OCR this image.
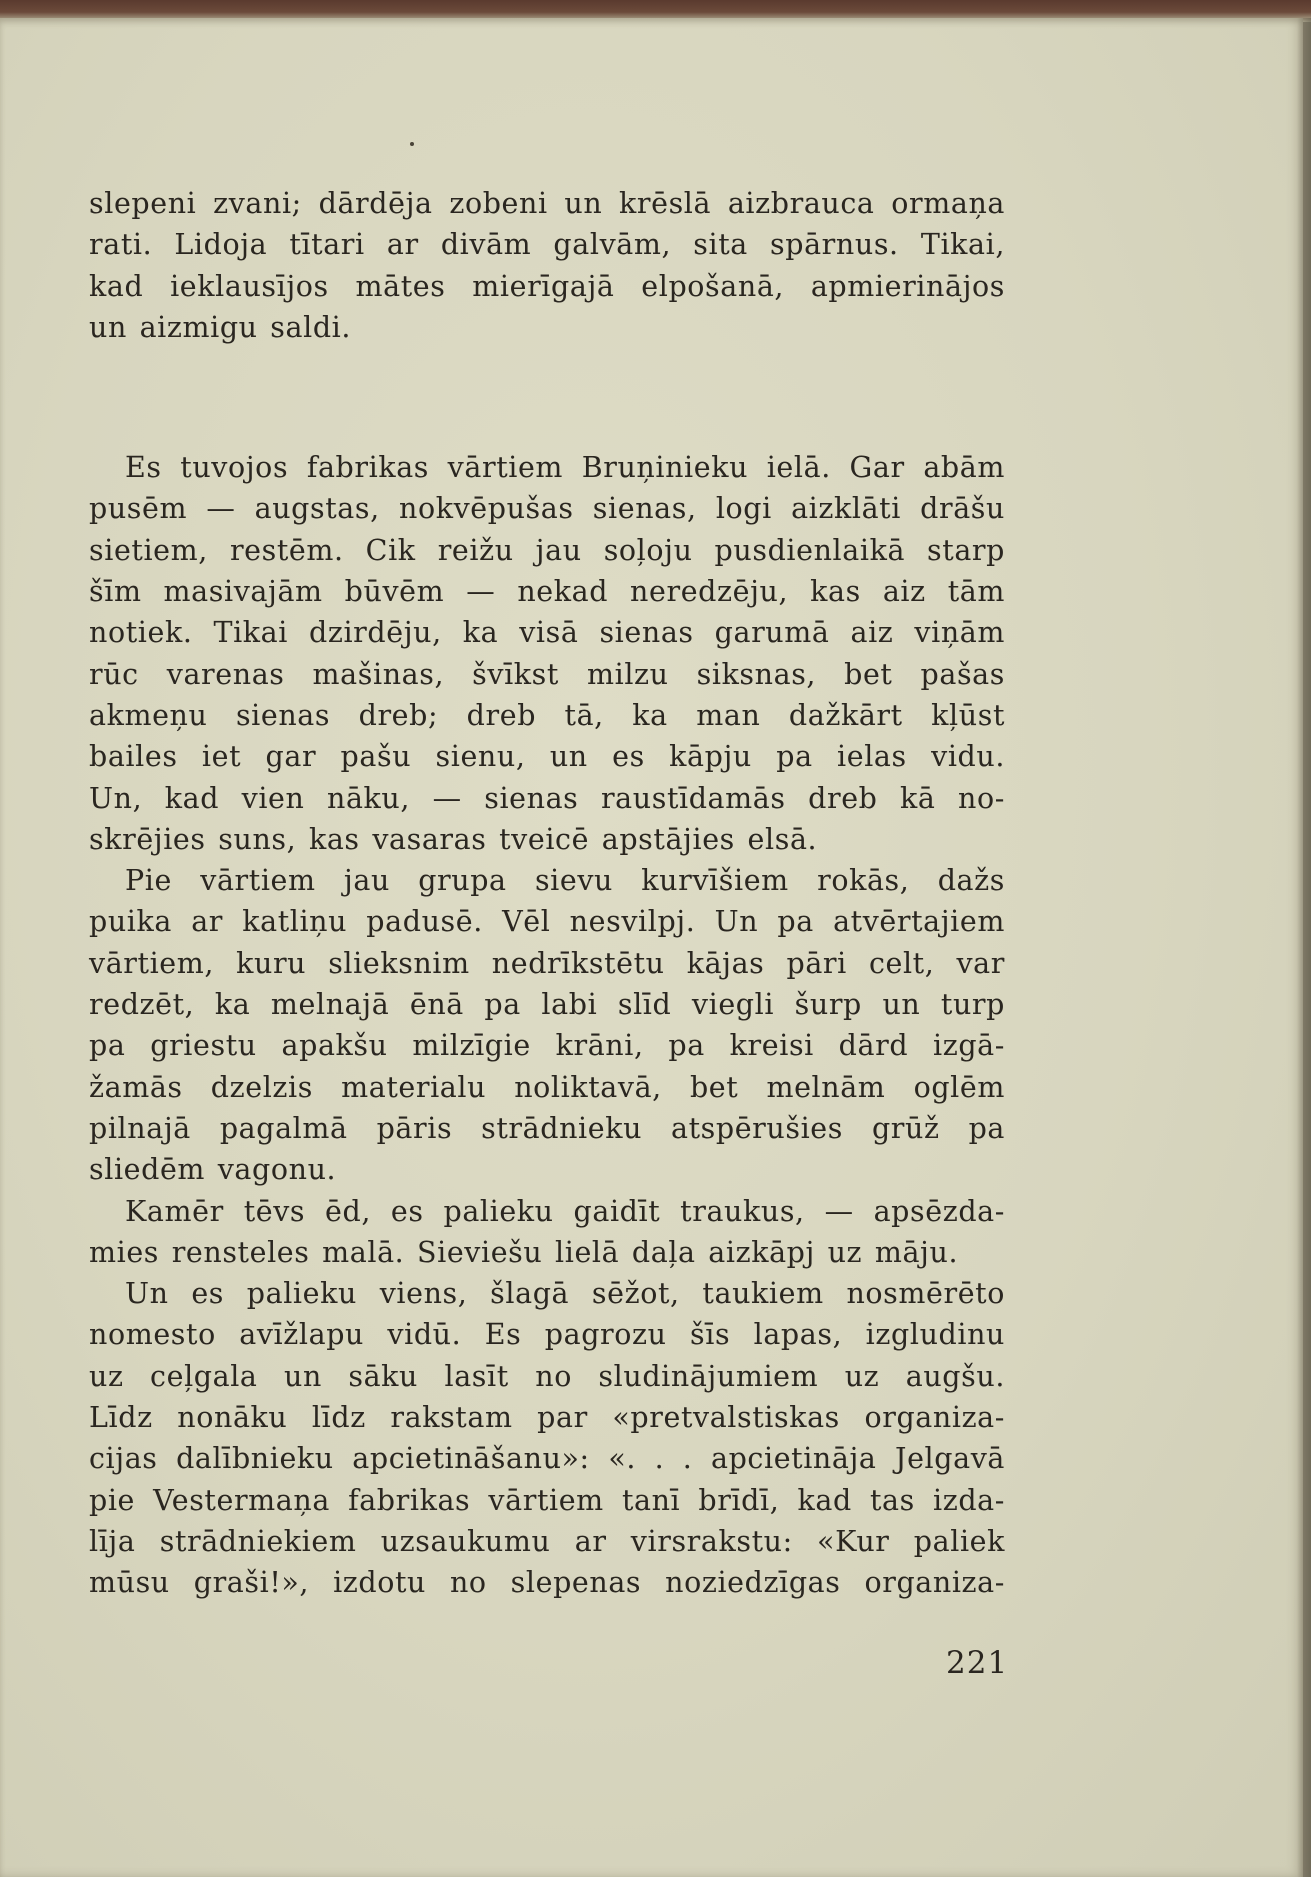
slepeni zvani; dārdēja zobeni un krēslā aizbrauca ormaņa
rati. Lidoja tītari ar divām galvām, sita spārnus. Tikai,
kad ieklausījos mātes mierīgajā elpošanā, apmierinājos
un aizmigu saldi.
Es tuvojos fabrikas vārtiem Bruņinieku ielā. Gar abām
pusēm — augstas, nokvēpušas sienas, logi aizklāti drāšu
sietiem, restēm. Cik reižu jau soļoju pusdienlaikā starp
šīm masivajām būvēm — nekad neredzēju, kas aiz tām
notiek. Tikai dzirdēju, ka visā sienas garumā aiz viņām
rūc varenas mašinas, švīkst milzu siksnas, bet pašas
akmeņu sienas dreb; dreb tā, ka man dažkārt kļūst
bailes iet gar pašu sienu, un es kāpju pa ielas vidu.
Un, kad vien nāku, — sienas raustīdamās dreb kā no-
skrējies suns, kas vasaras tveicē apstājies elsā.
Pie vārtiem jau grupa sievu kurvīšiem rokās, dažs
puika ar katliņu padusē. Vēl nesvilpj. Un pa atvērtajiem
vārtiem, kuru slieksnim nedrīkstētu kājas pāri celt, var
redzēt, ka melnajā ēnā pa labi slīd viegli šurp un turp
pa griestu apakšu milzīgie krāni, pa kreisi dārd izgā-
žamās dzelzis materialu noliktavā, bet melnām oglēm
pilnajā pagalmā pāris strādnieku atspērušies grūž pa
sliedēm vagonu.
Kamēr tēvs ēd, es palieku gaidīt traukus, — apsēzda-
mies rensteles malā. Sieviešu lielā daļa aizkāpj uz māju.
Un es palieku viens, šlagā sēžot, taukiem nosmērēto
nomesto avīžlapu vidū. Es pagrozu šīs lapas, izgludinu
uz ceļgala un sāku lasīt no sludinājumiem uz augšu.
Līdz nonāku līdz rakstam par «pretvalstiskas organiza-
cijas dalībnieku apcietināšanu»: «. . . apcietināja Jelgavā
pie Vestermaņa fabrikas vārtiem tanī brīdī, kad tas izda-
līja strādniekiem uzsaukumu ar virsrakstu: «Kur paliek
mūsu graši!», izdotu no slepenas noziedzīgas organiza-
221
